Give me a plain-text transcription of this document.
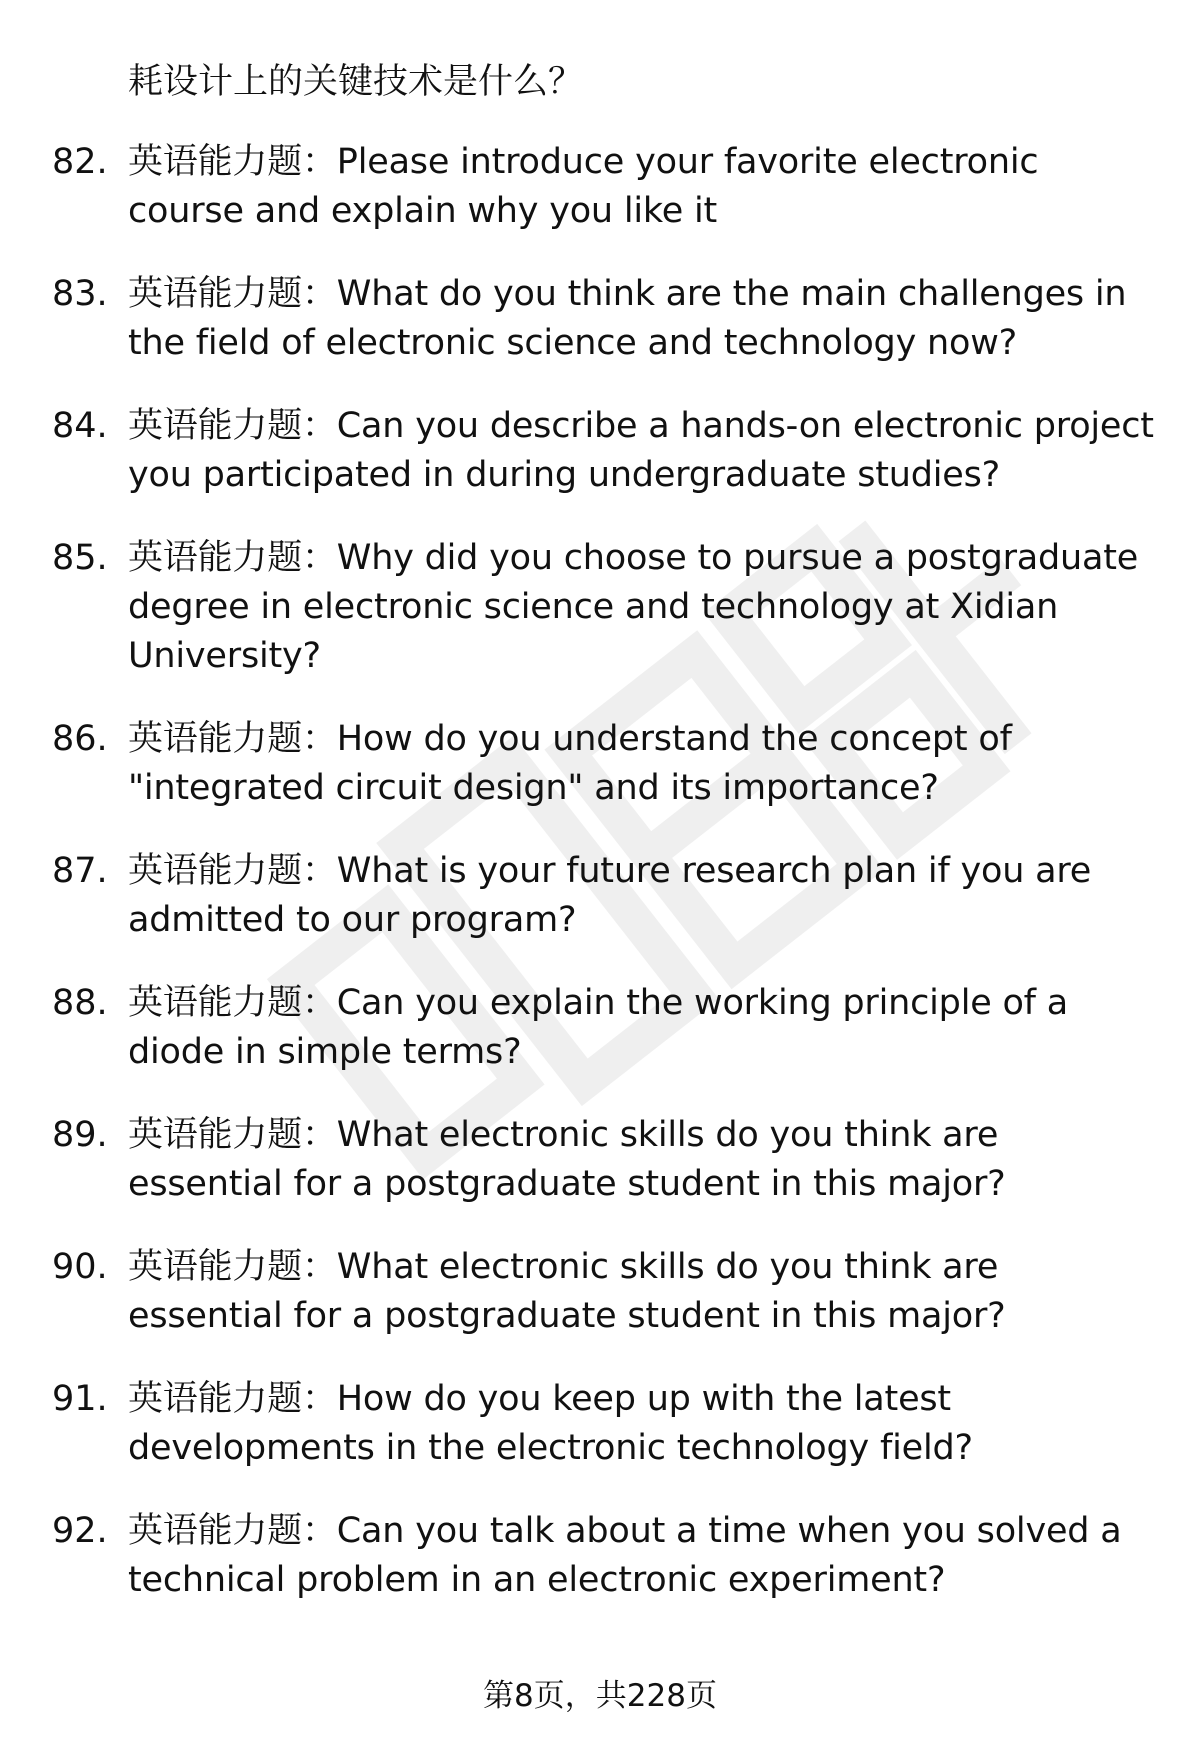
耗设计上的关键技术是什么？

82. 英语能力题：Please introduce your favorite electronic
course and explain why you like it
83. 英语能力题：What do you think are the main challenges in
the field of electronic science and technology now?
84. 英语能力题：Can you describe a hands-on electronic project
you participated in during undergraduate studies?
85. 英语能力题：Why did you choose to pursue a postgraduate
degree in electronic science and technology at Xidian
University?
86. 英语能力题：How do you understand the concept of
"integrated circuit design" and its importance?
87. 英语能力题：What is your future research plan if you are
admitted to our program?
88. 英语能力题：Can you explain the working principle of a
diode in simple terms?
89. 英语能力题：What electronic skills do you think are
essential for a postgraduate student in this major?
90. 英语能力题：What electronic skills do you think are
essential for a postgraduate student in this major?
91. 英语能力题：How do you keep up with the latest
developments in the electronic technology field?
92. 英语能力题：Can you talk about a time when you solved a
technical problem in an electronic experiment?
第8页，共228页
